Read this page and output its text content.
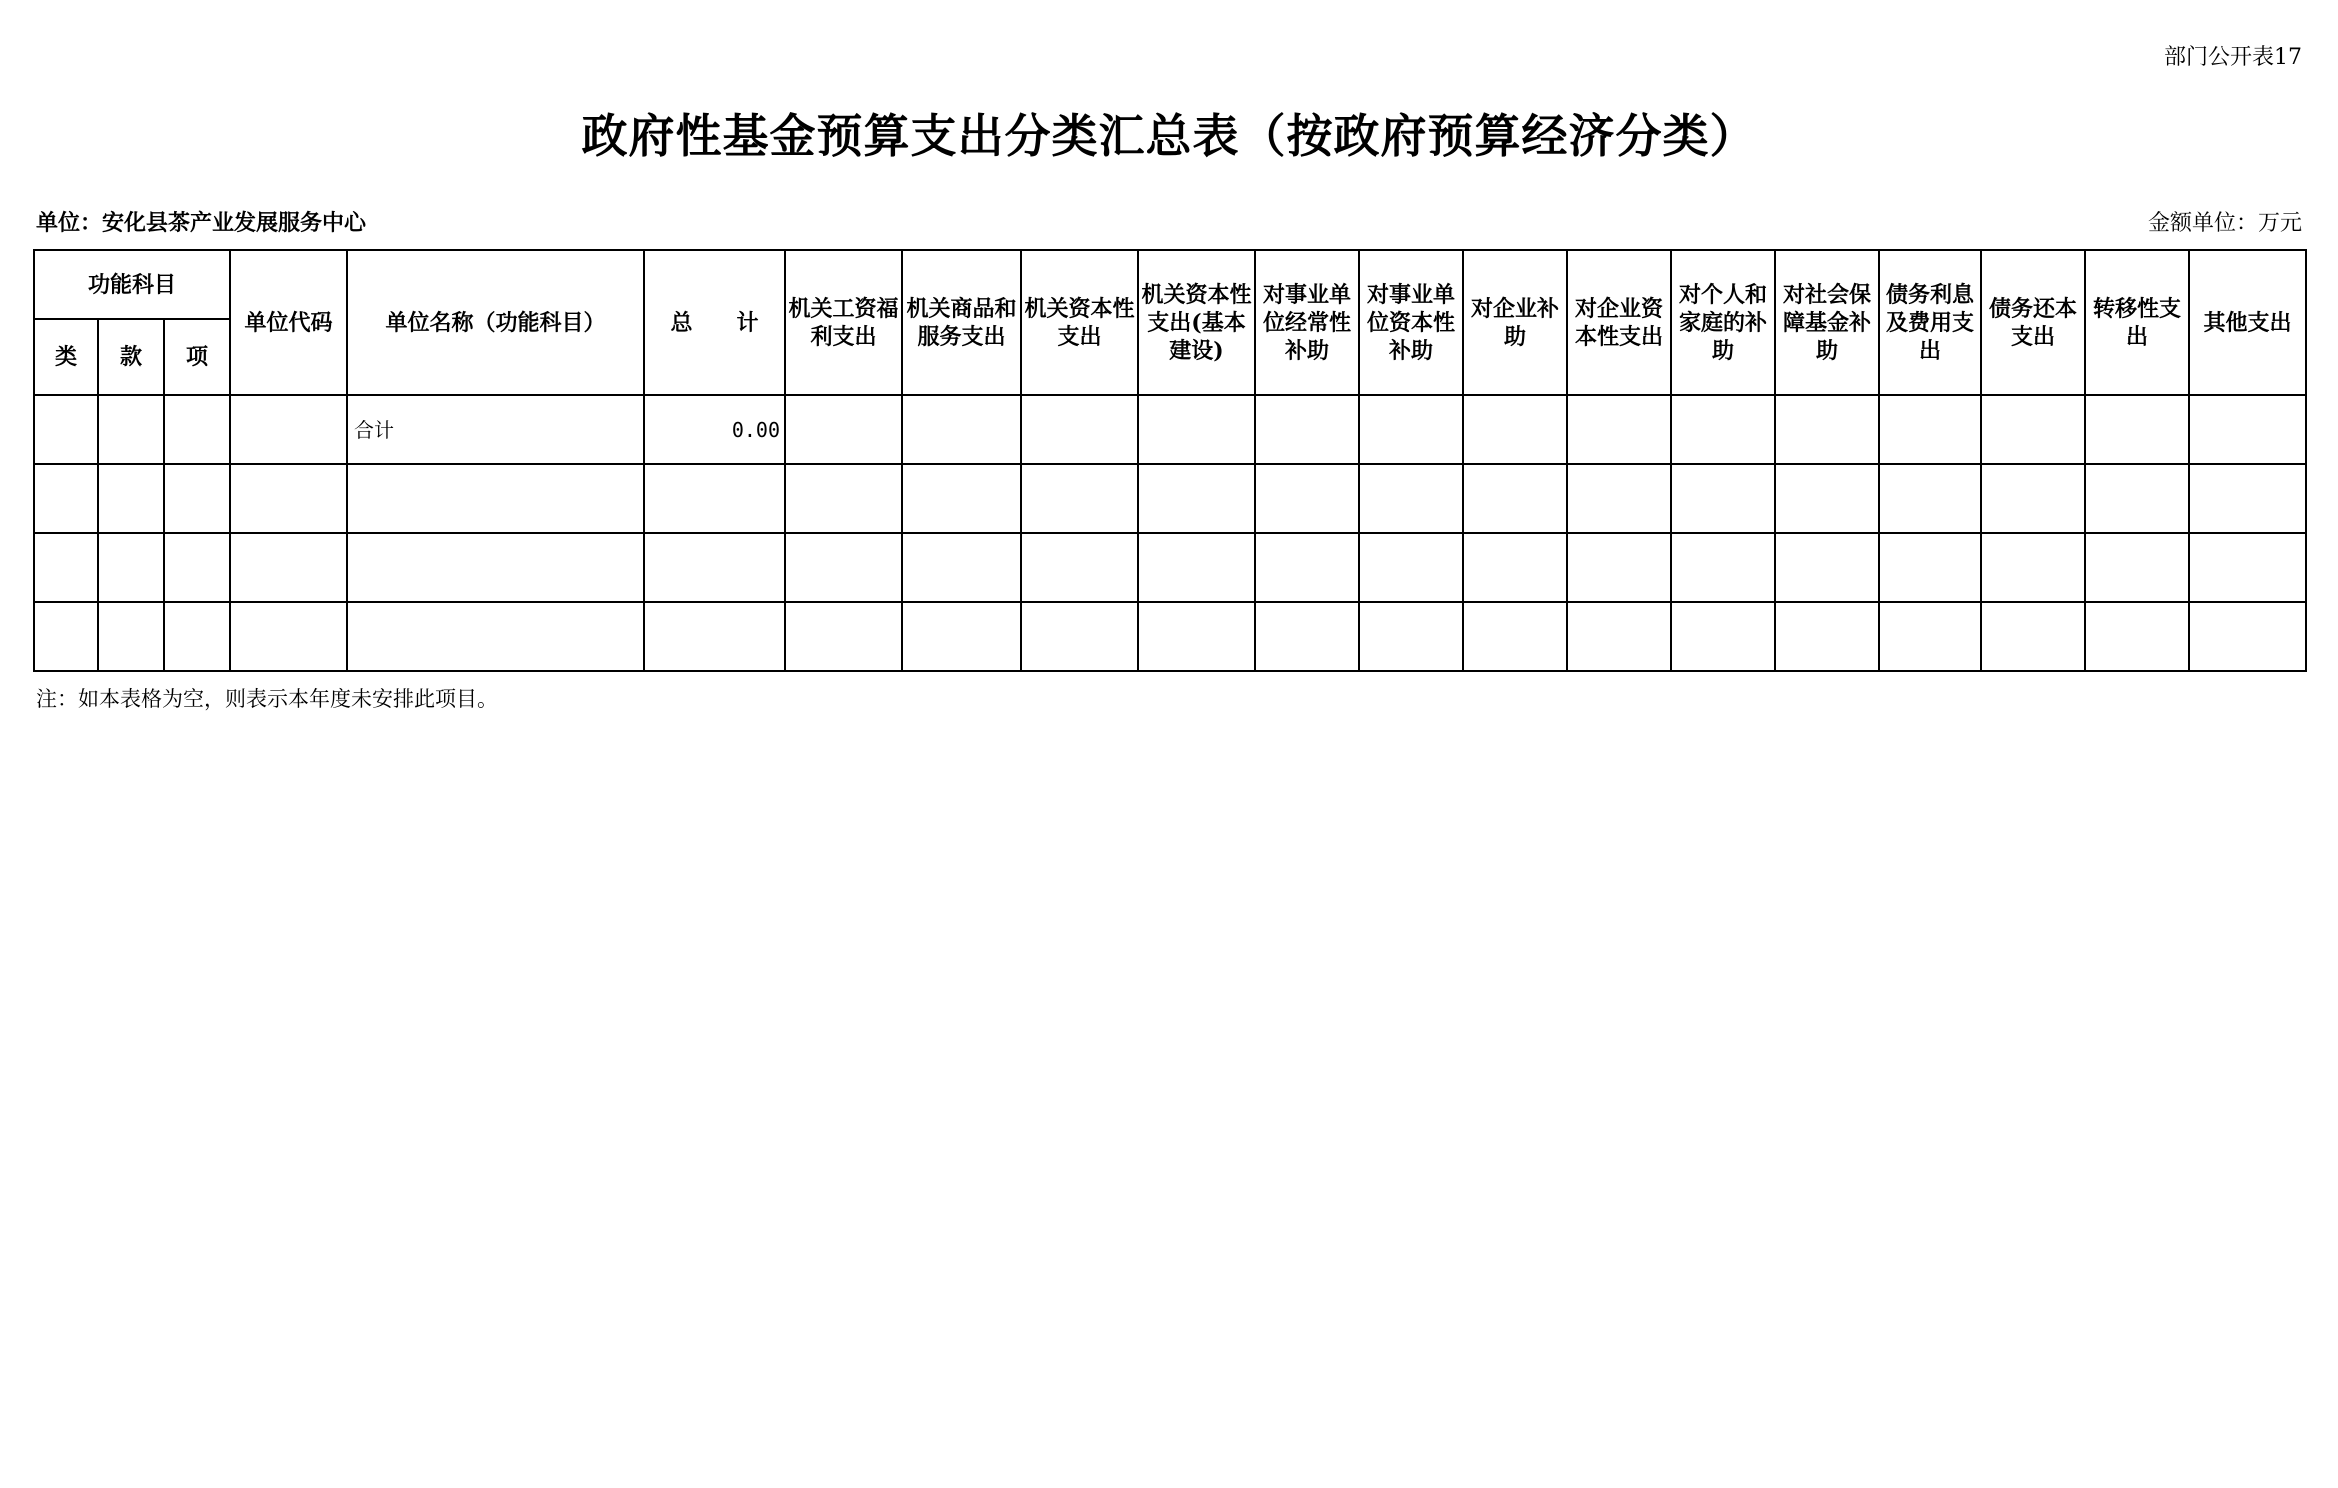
部门公开表17
政府性基金预算支出分类汇总表（按政府预算经济分类）
单位：安化县茶产业发展服务中心	金额单位：万元
功能科目			单位代码	单位名称（功能科目）	总　　计	机关工资福利支出	机关商品和服务支出	机关资本性支出	机关资本性支出(基本建设)	对事业单位经常性补助	对事业单位资本性补助	对企业补助	对企业资本性支出	对个人和家庭的补助	对社会保障基金补助	债务利息及费用支出	债务还本支出	转移性支出	其他支出
类	款	项																	
				合计	0.00														

注：如本表格为空，则表示本年度未安排此项目。
